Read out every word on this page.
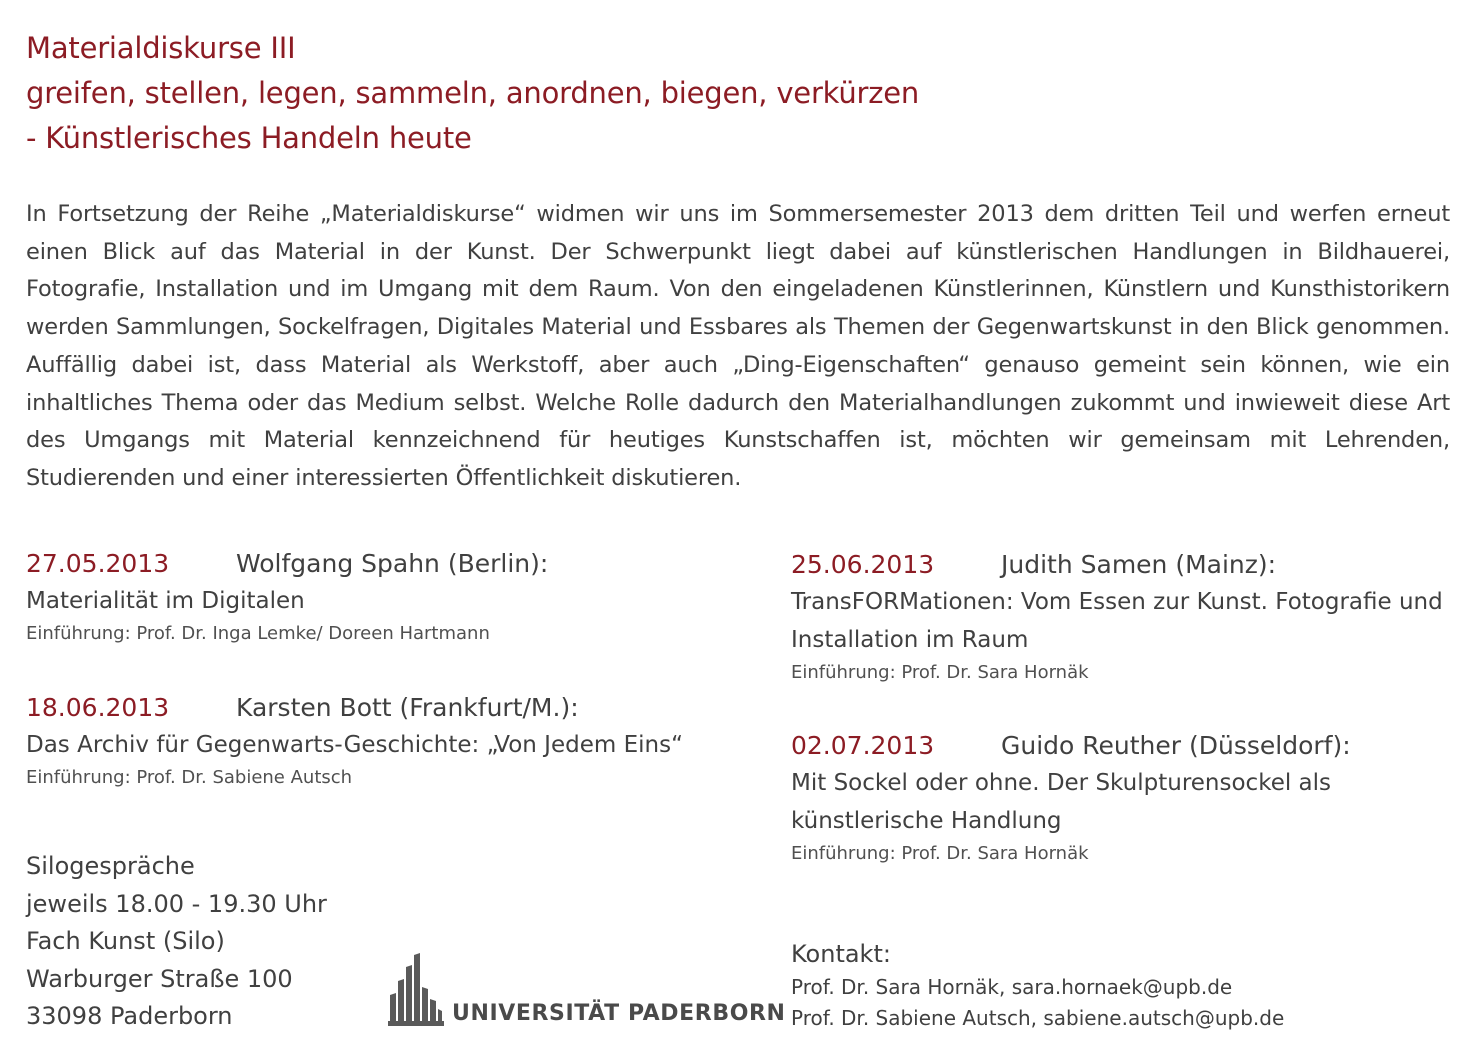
Materialdiskurse III
greifen, stellen, legen, sammeln, anordnen, biegen, verkürzen
- Künstlerisches Handeln heute
In Fortsetzung der Reihe „Materialdiskurse“ widmen wir uns im Sommersemester 2013 dem dritten Teil und werfen erneut einen Blick auf das Material in der Kunst. Der Schwerpunkt liegt dabei auf künstlerischen Handlungen in Bildhauerei, Fotografie, Installation und im Umgang mit dem Raum. Von den eingeladenen Künstlerinnen, Künstlern und Kunsthistorikern werden Sammlungen, Sockelfragen, Digitales Material und Essbares als Themen der Gegenwartskunst in den Blick genommen. Auffällig dabei ist, dass Material als Werkstoff, aber auch „Ding-Eigenschaften“ genauso gemeint sein können, wie ein inhaltliches Thema oder das Medium selbst. Welche Rolle dadurch den Materialhandlungen zukommt und inwieweit diese Art des Umgangs mit Material kennzeichnend für heutiges Kunstschaffen ist, möchten wir gemeinsam mit Lehrenden, Studierenden und einer interessierten Öffentlichkeit diskutieren.
27.05.2013	Wolfgang Spahn (Berlin):
Materialität im Digitalen
Einführung: Prof. Dr. Inga Lemke/ Doreen Hartmann
18.06.2013	Karsten Bott (Frankfurt/M.):
Das Archiv für Gegenwarts-Geschichte: „Von Jedem Eins“
Einführung: Prof. Dr. Sabiene Autsch
25.06.2013	Judith Samen (Mainz):
TransFORMationen: Vom Essen zur Kunst. Fotografie und Installation im Raum
Einführung: Prof. Dr. Sara Hornäk
02.07.2013	Guido Reuther (Düsseldorf):
Mit Sockel oder ohne. Der Skulpturensockel als künstlerische Handlung
Einführung: Prof. Dr. Sara Hornäk
Silogespräche
jeweils 18.00 - 19.30 Uhr
Fach Kunst (Silo)
Warburger Straße 100
33098 Paderborn	UNIVERSITÄT PADERBORN
Kontakt:
Prof. Dr. Sara Hornäk, sara.hornaek@upb.de
Prof. Dr. Sabiene Autsch, sabiene.autsch@upb.de
